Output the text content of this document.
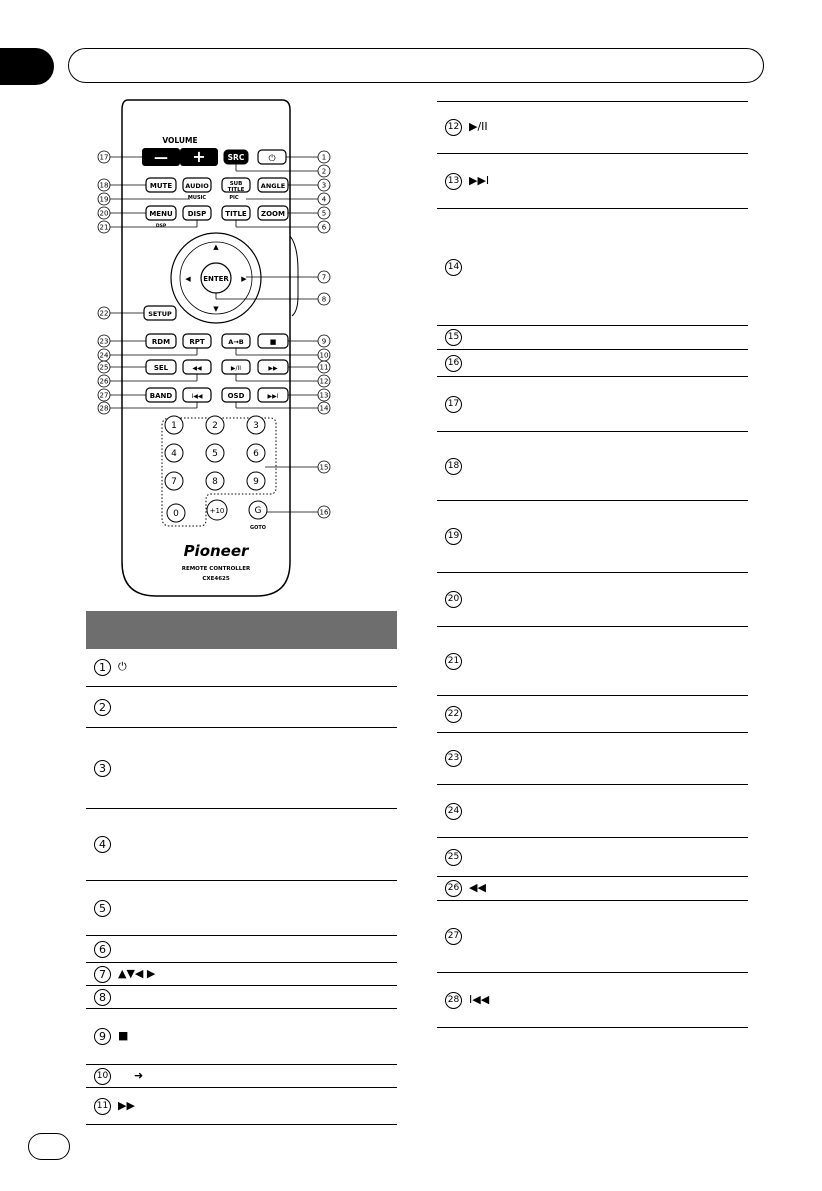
VOLUME
— +	SRC	⏻
MUTE AUDIO
MUSIC
SUB
TITLE
PIC
ANGLE
MENU
DSP
DISP	TITLE ZOOM
ENTER
▲
▼
◀	▶
SETUP
RDM	RPT	A→B	■
SEL	◀◀	▶/II	▶▶
BAND	I◀◀	OSD	▶▶I
1	2	3
4	5	6
7	8	9
0	+10	G
GOTO
Pioneer
REMOTE CONTROLLER
CXE4625
17	1
2
18	3
19	4
20	5
21	6
7
8
22
23	9
24	10
25	11
26	12
27	13
28	14
15
16
1	⏻
2
3
4
5
6
7	▲▼◀ ▶
8
9	■
10 ➜
11 ▶▶
12 ▶/II
13 ▶▶I
14
15
16
17
18
19
20
21
22
23
24
25
26 ◀◀
27
28 I◀◀
